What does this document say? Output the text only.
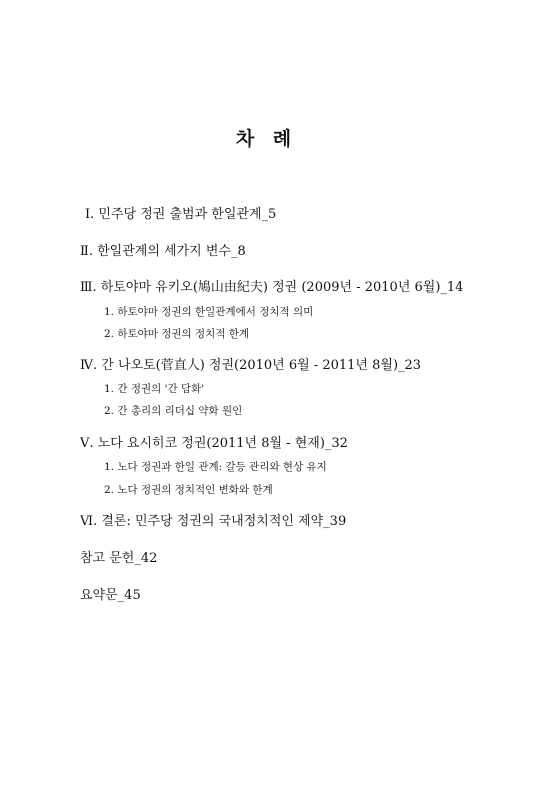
차 례
Ⅰ. 민주당 정권 출범과 한일관계_5
Ⅱ. 한일관계의 세가지 변수_8
Ⅲ. 하토야마 유키오(鳩山由紀夫) 정권 (2009년 - 2010년 6월)_14
1. 하토야마 정권의 한일관계에서 정치적 의미
2. 하토야마 정권의 정치적 한계
Ⅳ. 간 나오토(菅直人) 정권(2010년 6월 - 2011년 8월)_23
1. 간 정권의 '간 담화'
2. 간 총리의 리더십 약화 원인
Ⅴ. 노다 요시히코 정권(2011년 8월 - 현재)_32
1. 노다 정권과 한일 관계: 갈등 관리와 현상 유지
2. 노다 정권의 정치적인 변화와 한계
Ⅵ. 결론: 민주당 정권의 국내정치적인 제약_39
참고 문헌_42
요약문_45
